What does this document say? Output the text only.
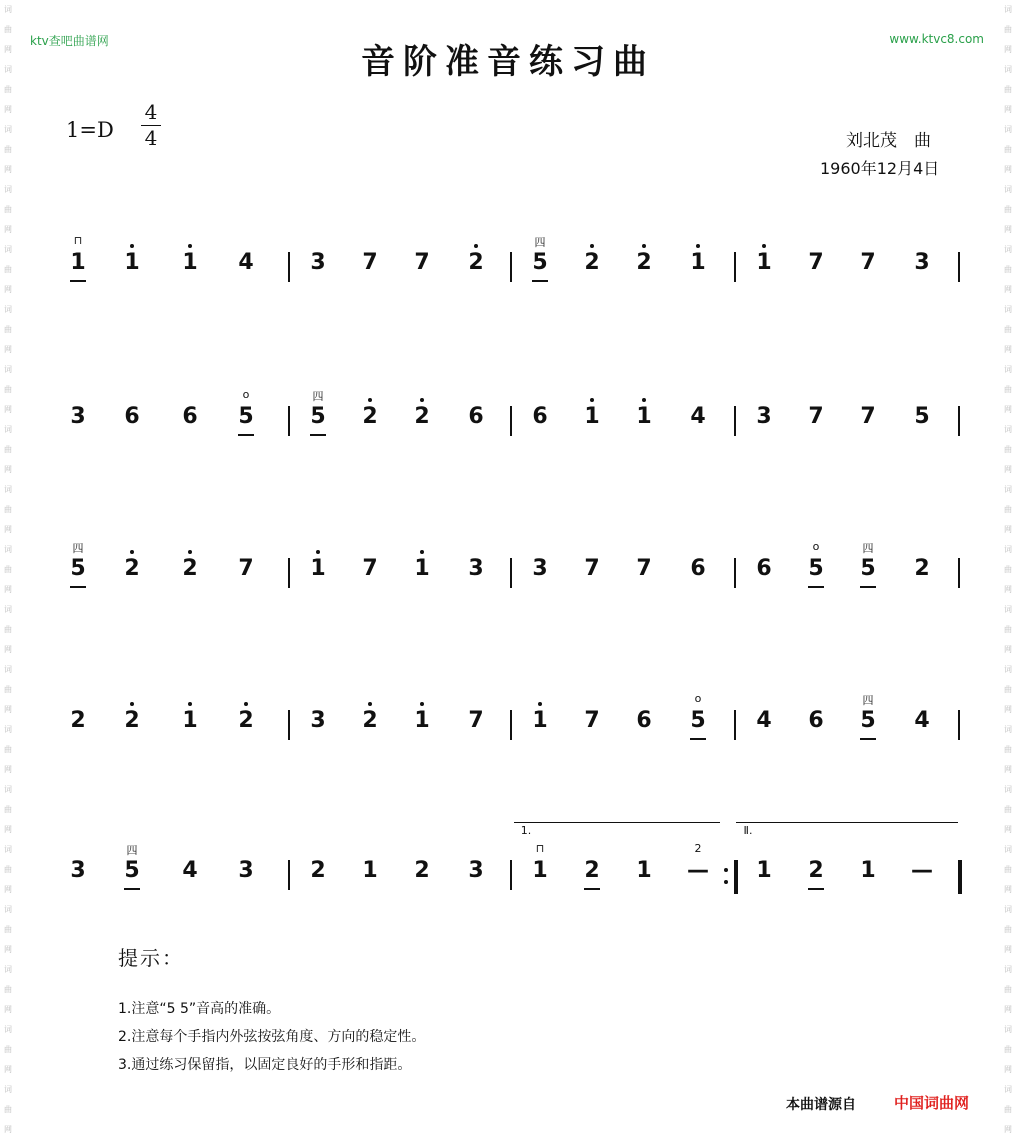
词
曲
网
词
曲
网
词
曲
网
词
曲
网
词
曲
网
词
曲
网
词
曲
网
词
曲
网
词
曲
网
词
曲
网
词
曲
网
词
曲
网
词
曲
网
词
曲
网
词
曲
网
词
曲
网
词
曲
网
词
曲
网
词
曲
网
词
曲
网
词
曲
网
词
曲
网
词
曲
网
词
曲
网
词
曲
网
词
曲
网
词
曲
网
词
曲
网
词
曲
网
词
曲
网
词
曲
网
词
曲
网
词
曲
网
词
曲
网
词
曲
网
词
曲
网
词
曲
网
词
曲
网
ktv查吧曲谱网	www.ktvc8.com
音阶准音练习曲
1=D
4
4	刘北茂　曲
1960年12月4日
1
⊓
1	1	4	3	7	7	2	5
四
2	2	1	1	7	7	3
3	6	6	5
o
5
四
2	2	6	6	1	1	4	3	7	7	5
5
四
2	2	7	1	7	1	3	3	7	7	6	6	5
o
5
四
2
2	2	1	2	3	2	1	7	1	7	6	5
o
4	6	5
四
4
3	5
四
4	3	2	1	2	3	1
⊓
2	1	—
2
1	2	1	—
1.	Ⅱ.
提示：
1.注意“5 5”音高的准确。
2.注意每个手指内外弦按弦角度、方向的稳定性。
3.通过练习保留指，以固定良好的手形和指距。
本曲谱源自	中国词曲网
